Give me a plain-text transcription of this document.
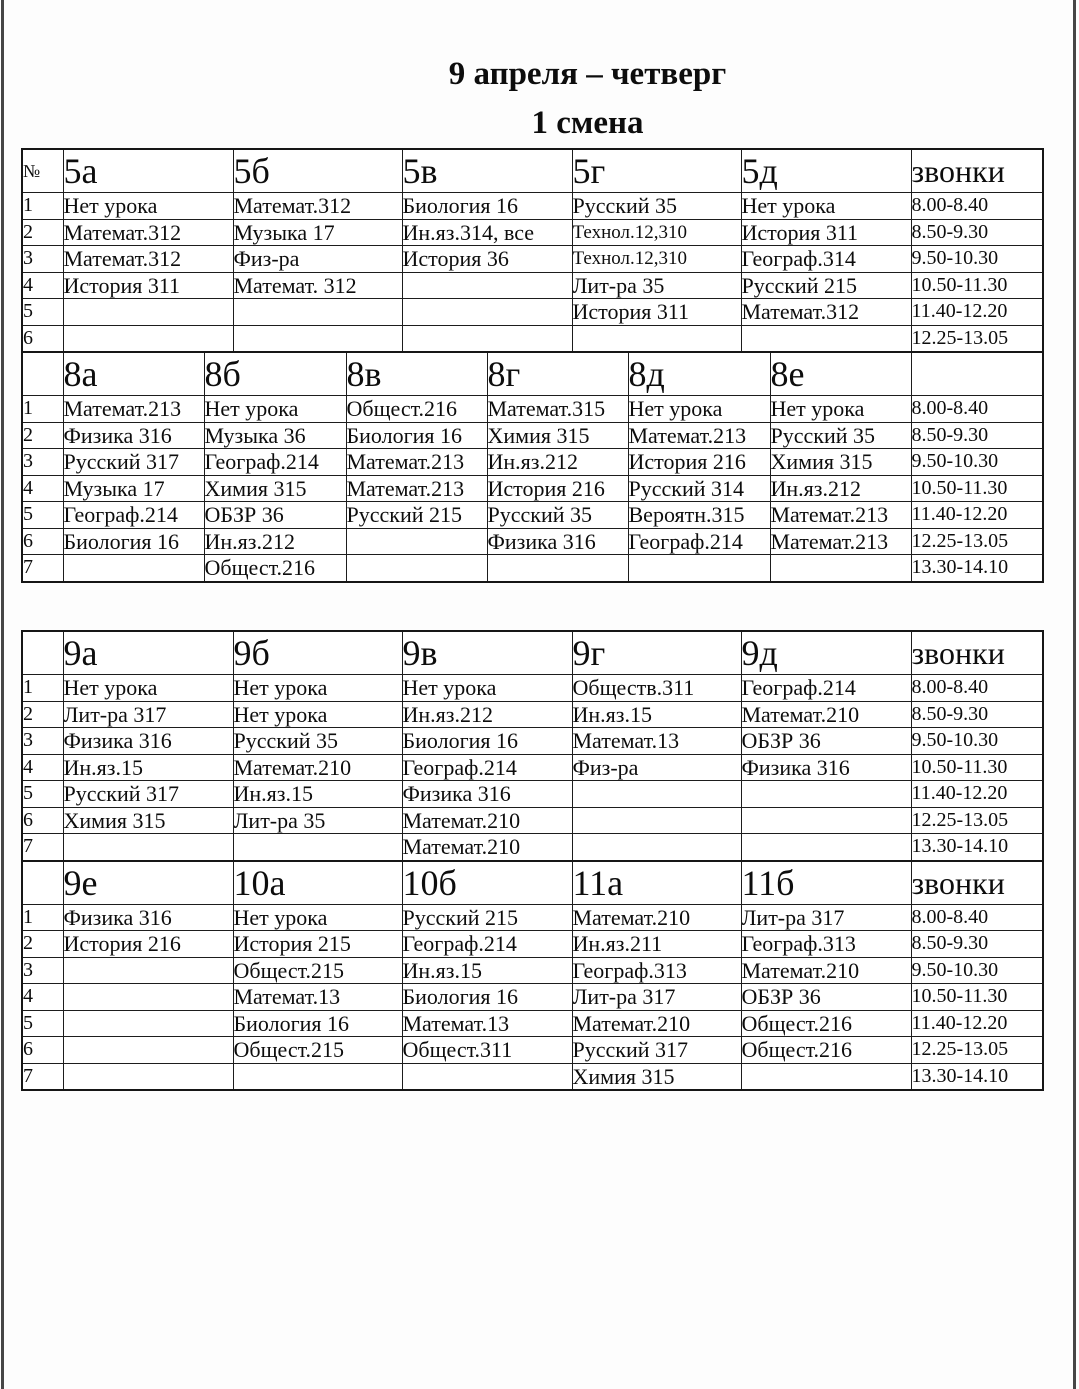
9 апреля – четверг
1 смена
№	5а	5б	5в	5г	5д	звонки
1	Нет урока	Математ.312	Биология 16	Русский 35	Нет урока	8.00-8.40
2	Математ.312	Музыка 17	Ин.яз.314, все	Технол.12,310	История 311	8.50-9.30
3	Математ.312	Физ-ра	История 36	Технол.12,310	Географ.314	9.50-10.30
4	История 311	Математ. 312		Лит-ра 35	Русский 215	10.50-11.30
5				История 311	Математ.312	11.40-12.20
6						12.25-13.05
	8а	8б	8в	8г	8д	8е	
1	Математ.213	Нет урока	Общест.216	Математ.315	Нет урока	Нет урока	8.00-8.40
2	Физика 316	Музыка 36	Биология 16	Химия 315	Математ.213	Русский 35	8.50-9.30
3	Русский 317	Географ.214	Математ.213	Ин.яз.212	История 216	Химия 315	9.50-10.30
4	Музыка 17	Химия 315	Математ.213	История 216	Русский 314	Ин.яз.212	10.50-11.30
5	Географ.214	ОБЗР 36	Русский 215	Русский 35	Вероятн.315	Математ.213	11.40-12.20
6	Биология 16	Ин.яз.212		Физика 316	Географ.214	Математ.213	12.25-13.05
7		Общест.216					13.30-14.10
	9а	9б	9в	9г	9д	звонки
1	Нет урока	Нет урока	Нет урока	Обществ.311	Географ.214	8.00-8.40
2	Лит-ра 317	Нет урока	Ин.яз.212	Ин.яз.15	Математ.210	8.50-9.30
3	Физика 316	Русский 35	Биология 16	Математ.13	ОБЗР 36	9.50-10.30
4	Ин.яз.15	Математ.210	Географ.214	Физ-ра	Физика 316	10.50-11.30
5	Русский 317	Ин.яз.15	Физика 316			11.40-12.20
6	Химия 315	Лит-ра 35	Математ.210			12.25-13.05
7			Математ.210			13.30-14.10
	9е	10а	10б	11а	11б	звонки
1	Физика 316	Нет урока	Русский 215	Математ.210	Лит-ра 317	8.00-8.40
2	История 216	История 215	Географ.214	Ин.яз.211	Географ.313	8.50-9.30
3		Общест.215	Ин.яз.15	Географ.313	Математ.210	9.50-10.30
4		Математ.13	Биология 16	Лит-ра 317	ОБЗР 36	10.50-11.30
5		Биология 16	Математ.13	Математ.210	Общест.216	11.40-12.20
6		Общест.215	Общест.311	Русский 317	Общест.216	12.25-13.05
7				Химия 315		13.30-14.10
